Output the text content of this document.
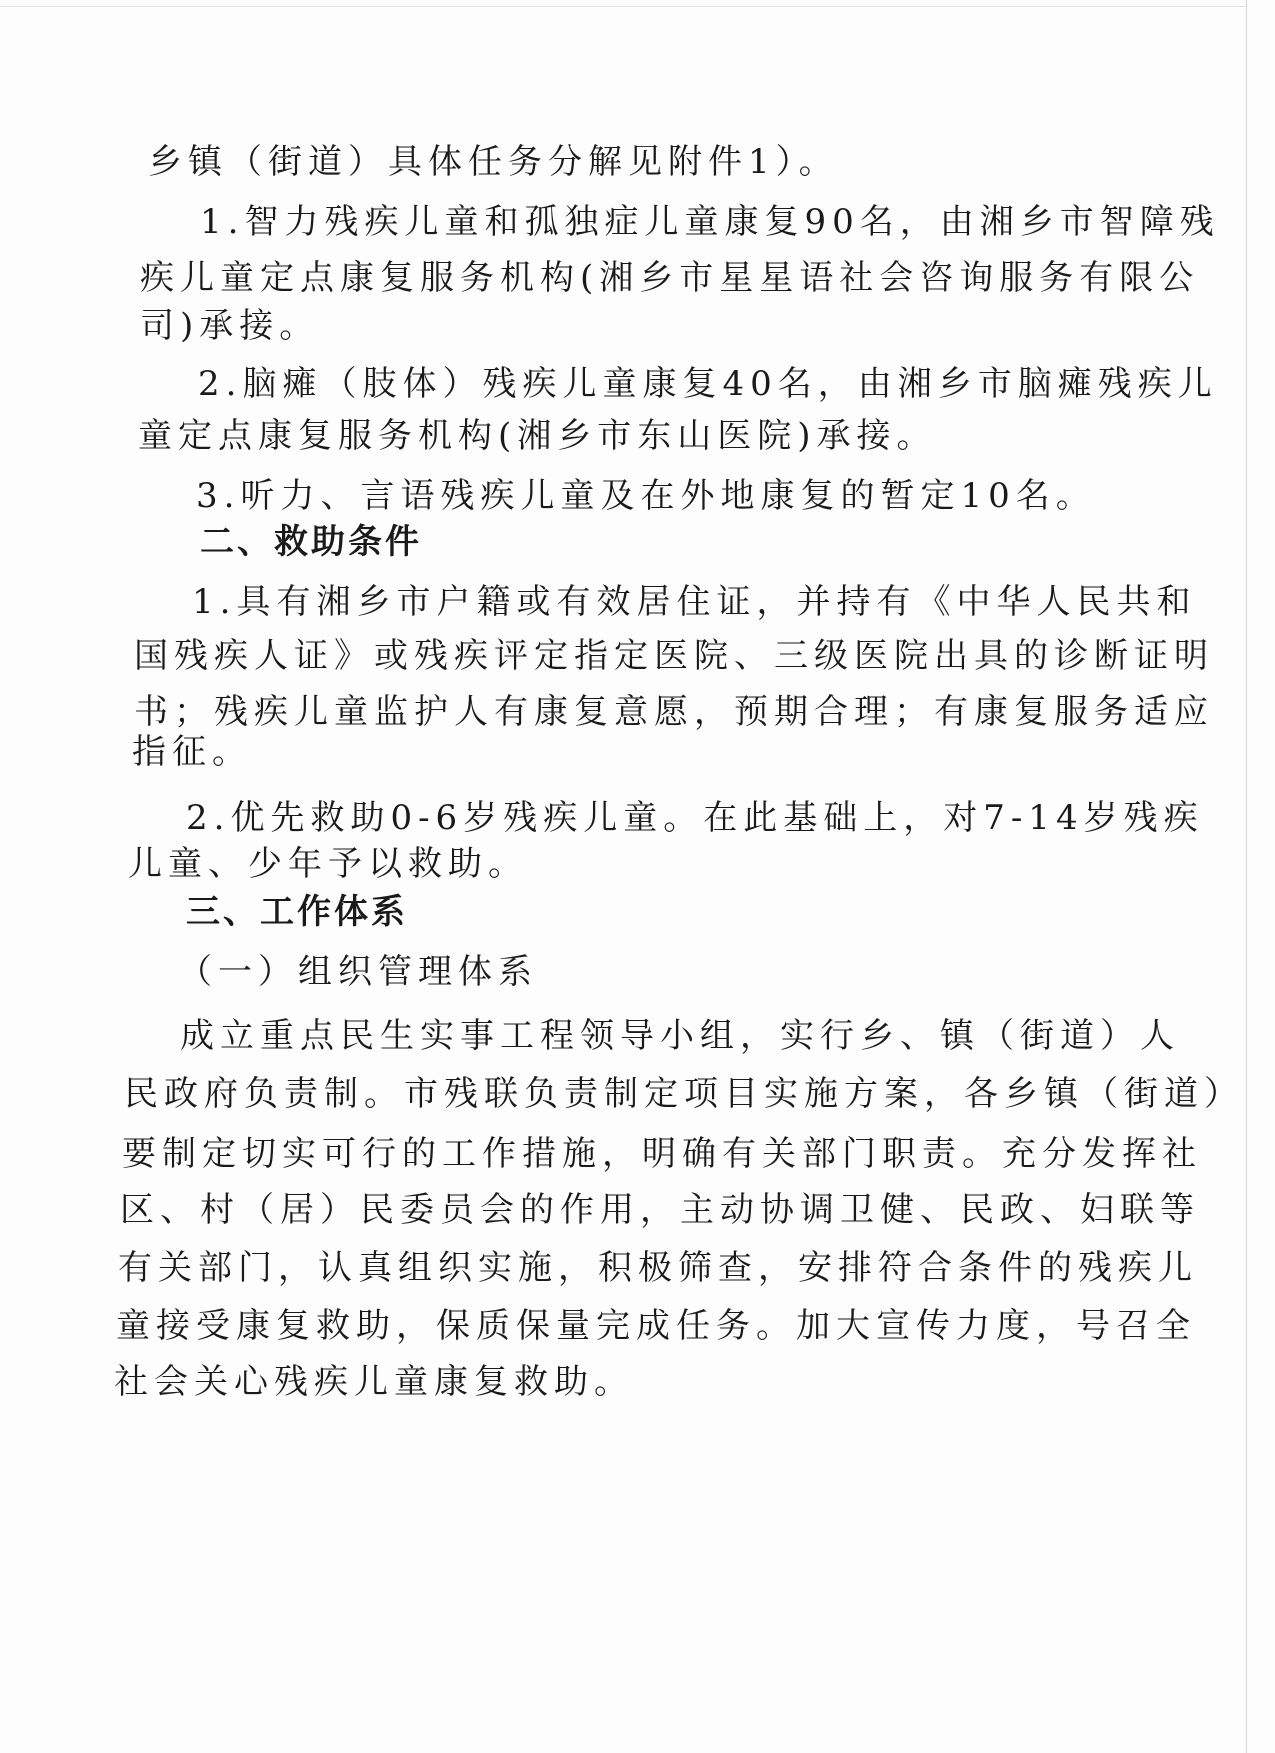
乡镇（街道）具体任务分解见附件1）。
1.智力残疾儿童和孤独症儿童康复90名，由湘乡市智障残
疾儿童定点康复服务机构(湘乡市星星语社会咨询服务有限公
司)承接。
2.脑瘫（肢体）残疾儿童康复40名，由湘乡市脑瘫残疾儿
童定点康复服务机构(湘乡市东山医院)承接。
3.听力、言语残疾儿童及在外地康复的暂定10名。
二、救助条件
1.具有湘乡市户籍或有效居住证，并持有《中华人民共和
国残疾人证》或残疾评定指定医院、三级医院出具的诊断证明
书；残疾儿童监护人有康复意愿，预期合理；有康复服务适应
指征。
2.优先救助0-6岁残疾儿童。在此基础上，对7-14岁残疾
儿童、少年予以救助。
三、工作体系
（一）组织管理体系
成立重点民生实事工程领导小组，实行乡、镇（街道）人
民政府负责制。市残联负责制定项目实施方案，各乡镇（街道）
要制定切实可行的工作措施，明确有关部门职责。充分发挥社
区、村（居）民委员会的作用，主动协调卫健、民政、妇联等
有关部门，认真组织实施，积极筛查，安排符合条件的残疾儿
童接受康复救助，保质保量完成任务。加大宣传力度，号召全
社会关心残疾儿童康复救助。
